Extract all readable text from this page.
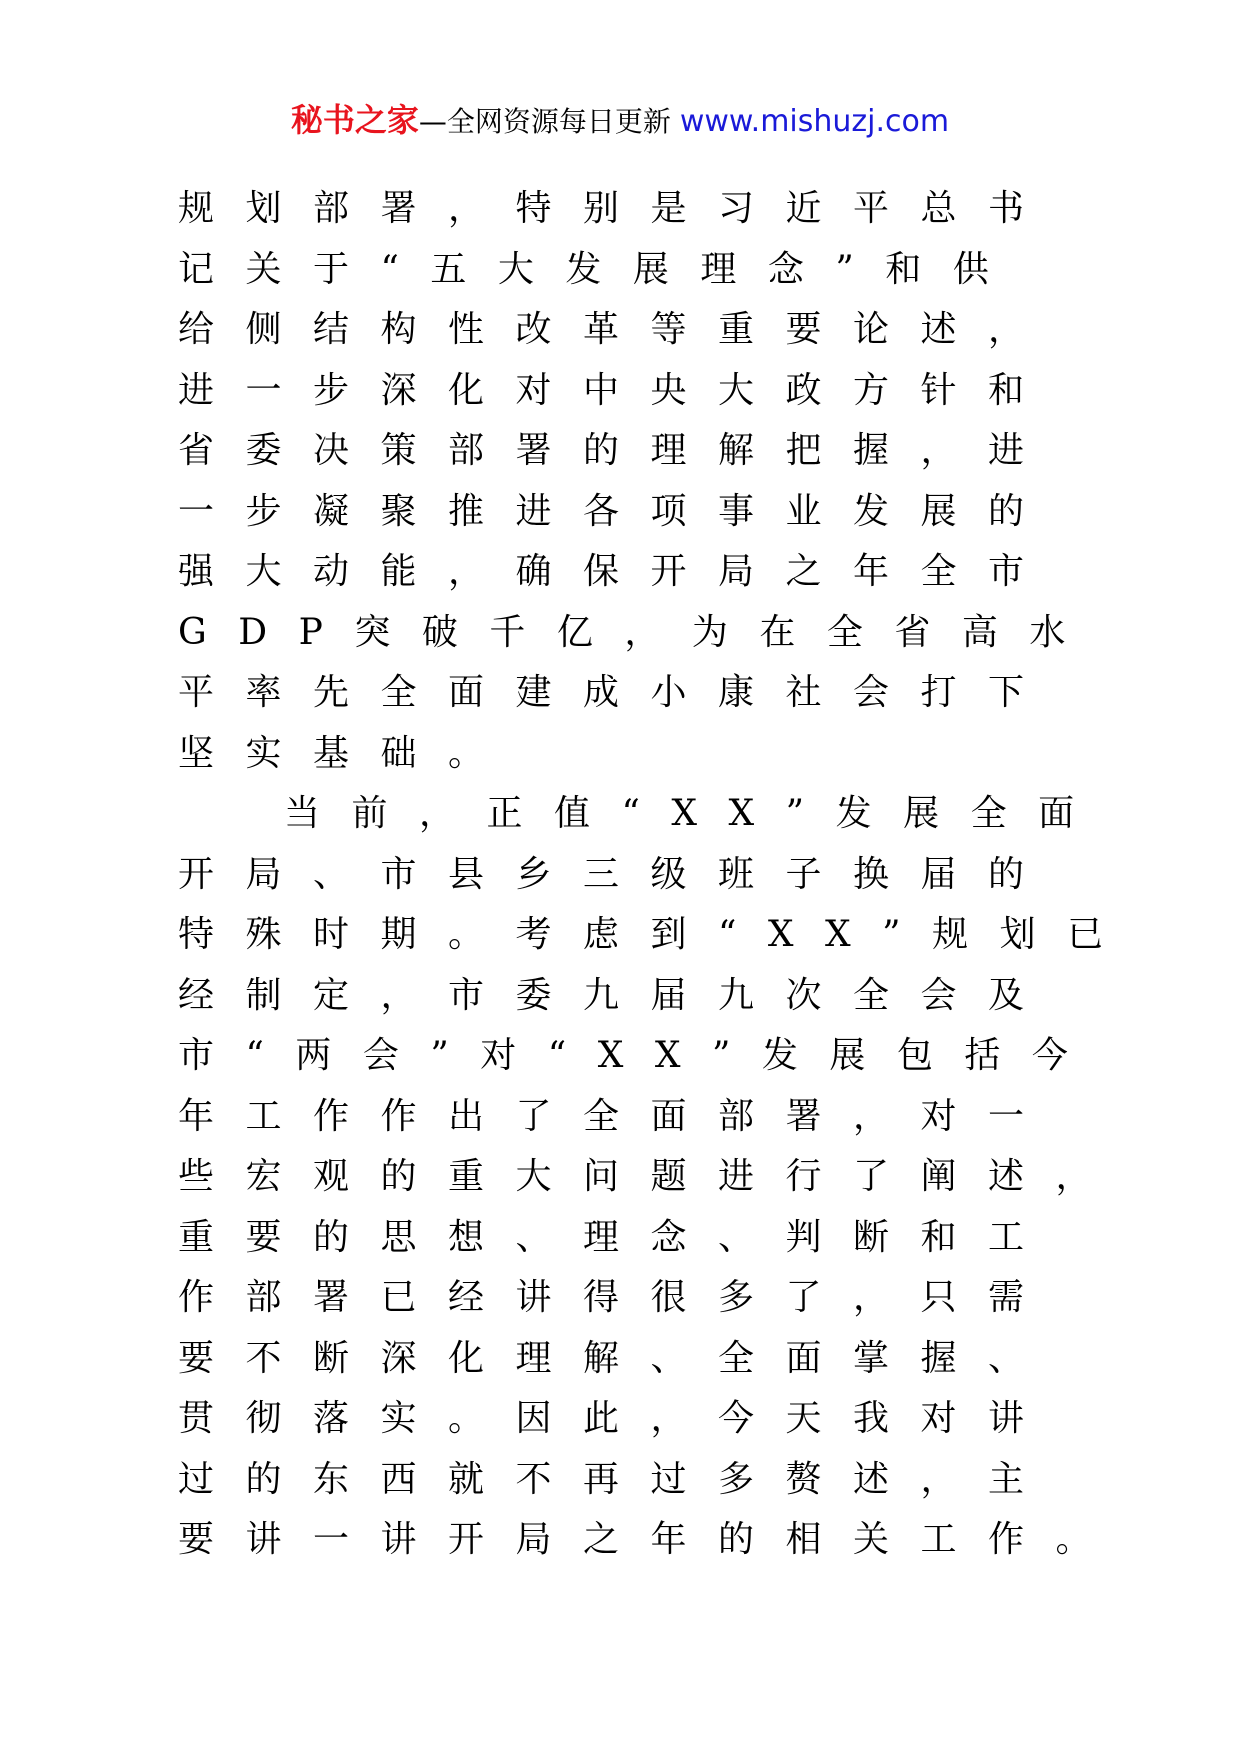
秘书之家—全网资源每日更新 www.mishuzj.com
规划部署，特别是习近平总书
记关于“五大发展理念”和供
给侧结构性改革等重要论述，
进一步深化对中央大政方针和
省委决策部署的理解把握，进
一步凝聚推进各项事业发展的
强大动能，确保开局之年全市
GDP突破千亿，为在全省高水
平率先全面建成小康社会打下
坚实基础。
当前，正值“XX”发展全面
开局、市县乡三级班子换届的
特殊时期。考虑到“XX”规划已
经制定，市委九届九次全会及
市“两会”对“XX”发展包括今
年工作作出了全面部署，对一
些宏观的重大问题进行了阐述，
重要的思想、理念、判断和工
作部署已经讲得很多了，只需
要不断深化理解、全面掌握、
贯彻落实。因此，今天我对讲
过的东西就不再过多赘述，主
要讲一讲开局之年的相关工作。
